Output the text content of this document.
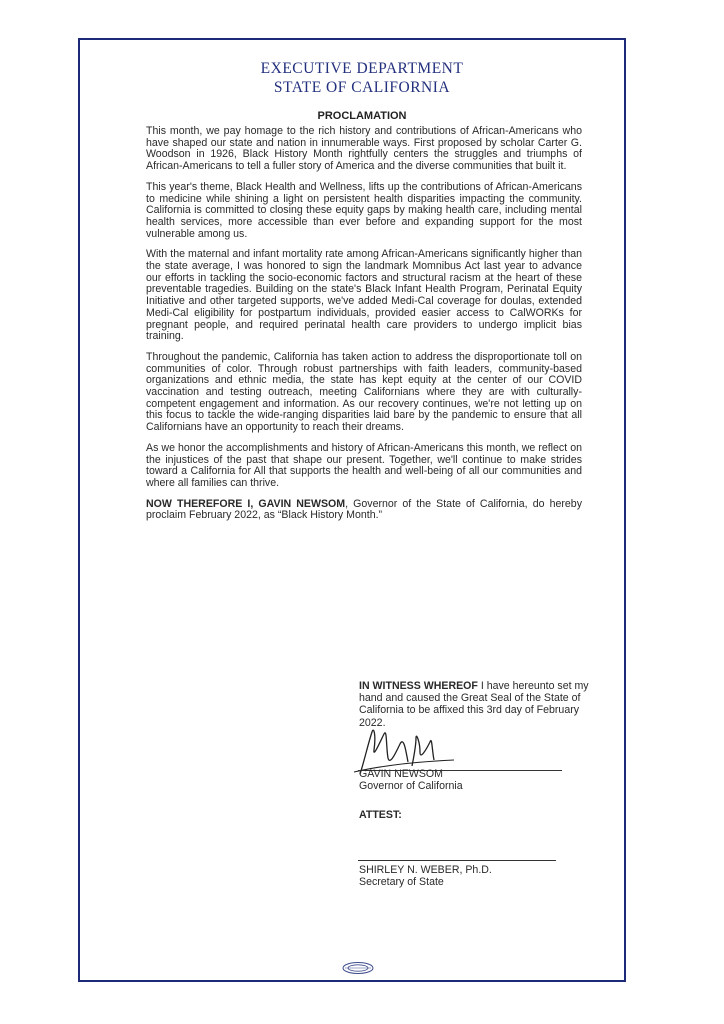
EXECUTIVE DEPARTMENT
STATE OF CALIFORNIA
PROCLAMATION

This month, we pay homage to the rich history and contributions of African-Americans who have shaped our state and nation in innumerable ways. First proposed by scholar Carter G. Woodson in 1926, Black History Month rightfully centers the struggles and triumphs of African-Americans to tell a fuller story of America and the diverse communities that built it.

This year's theme, Black Health and Wellness, lifts up the contributions of African-Americans to medicine while shining a light on persistent health disparities impacting the community. California is committed to closing these equity gaps by making health care, including mental health services, more accessible than ever before and expanding support for the most vulnerable among us.

With the maternal and infant mortality rate among African-Americans significantly higher than the state average, I was honored to sign the landmark Momnibus Act last year to advance our efforts in tackling the socio-economic factors and structural racism at the heart of these preventable tragedies. Building on the state's Black Infant Health Program, Perinatal Equity Initiative and other targeted supports, we've added Medi-Cal coverage for doulas, extended Medi-Cal eligibility for postpartum individuals, provided easier access to CalWORKs for pregnant people, and required perinatal health care providers to undergo implicit bias training.

Throughout the pandemic, California has taken action to address the disproportionate toll on communities of color. Through robust partnerships with faith leaders, community-based organizations and ethnic media, the state has kept equity at the center of our COVID vaccination and testing outreach, meeting Californians where they are with culturally-competent engagement and information. As our recovery continues, we're not letting up on this focus to tackle the wide-ranging disparities laid bare by the pandemic to ensure that all Californians have an opportunity to reach their dreams.

As we honor the accomplishments and history of African-Americans this month, we reflect on the injustices of the past that shape our present. Together, we'll continue to make strides toward a California for All that supports the health and well-being of all our communities and where all families can thrive.

NOW THEREFORE I, GAVIN NEWSOM, Governor of the State of California, do hereby proclaim February 2022, as “Black History Month.”

IN WITNESS WHEREOF I have hereunto set my hand and caused the Great Seal of the State of California to be affixed this 3rd day of February 2022.
GAVIN NEWSOM
Governor of California
ATTEST:
SHIRLEY N. WEBER, Ph.D.
Secretary of State
